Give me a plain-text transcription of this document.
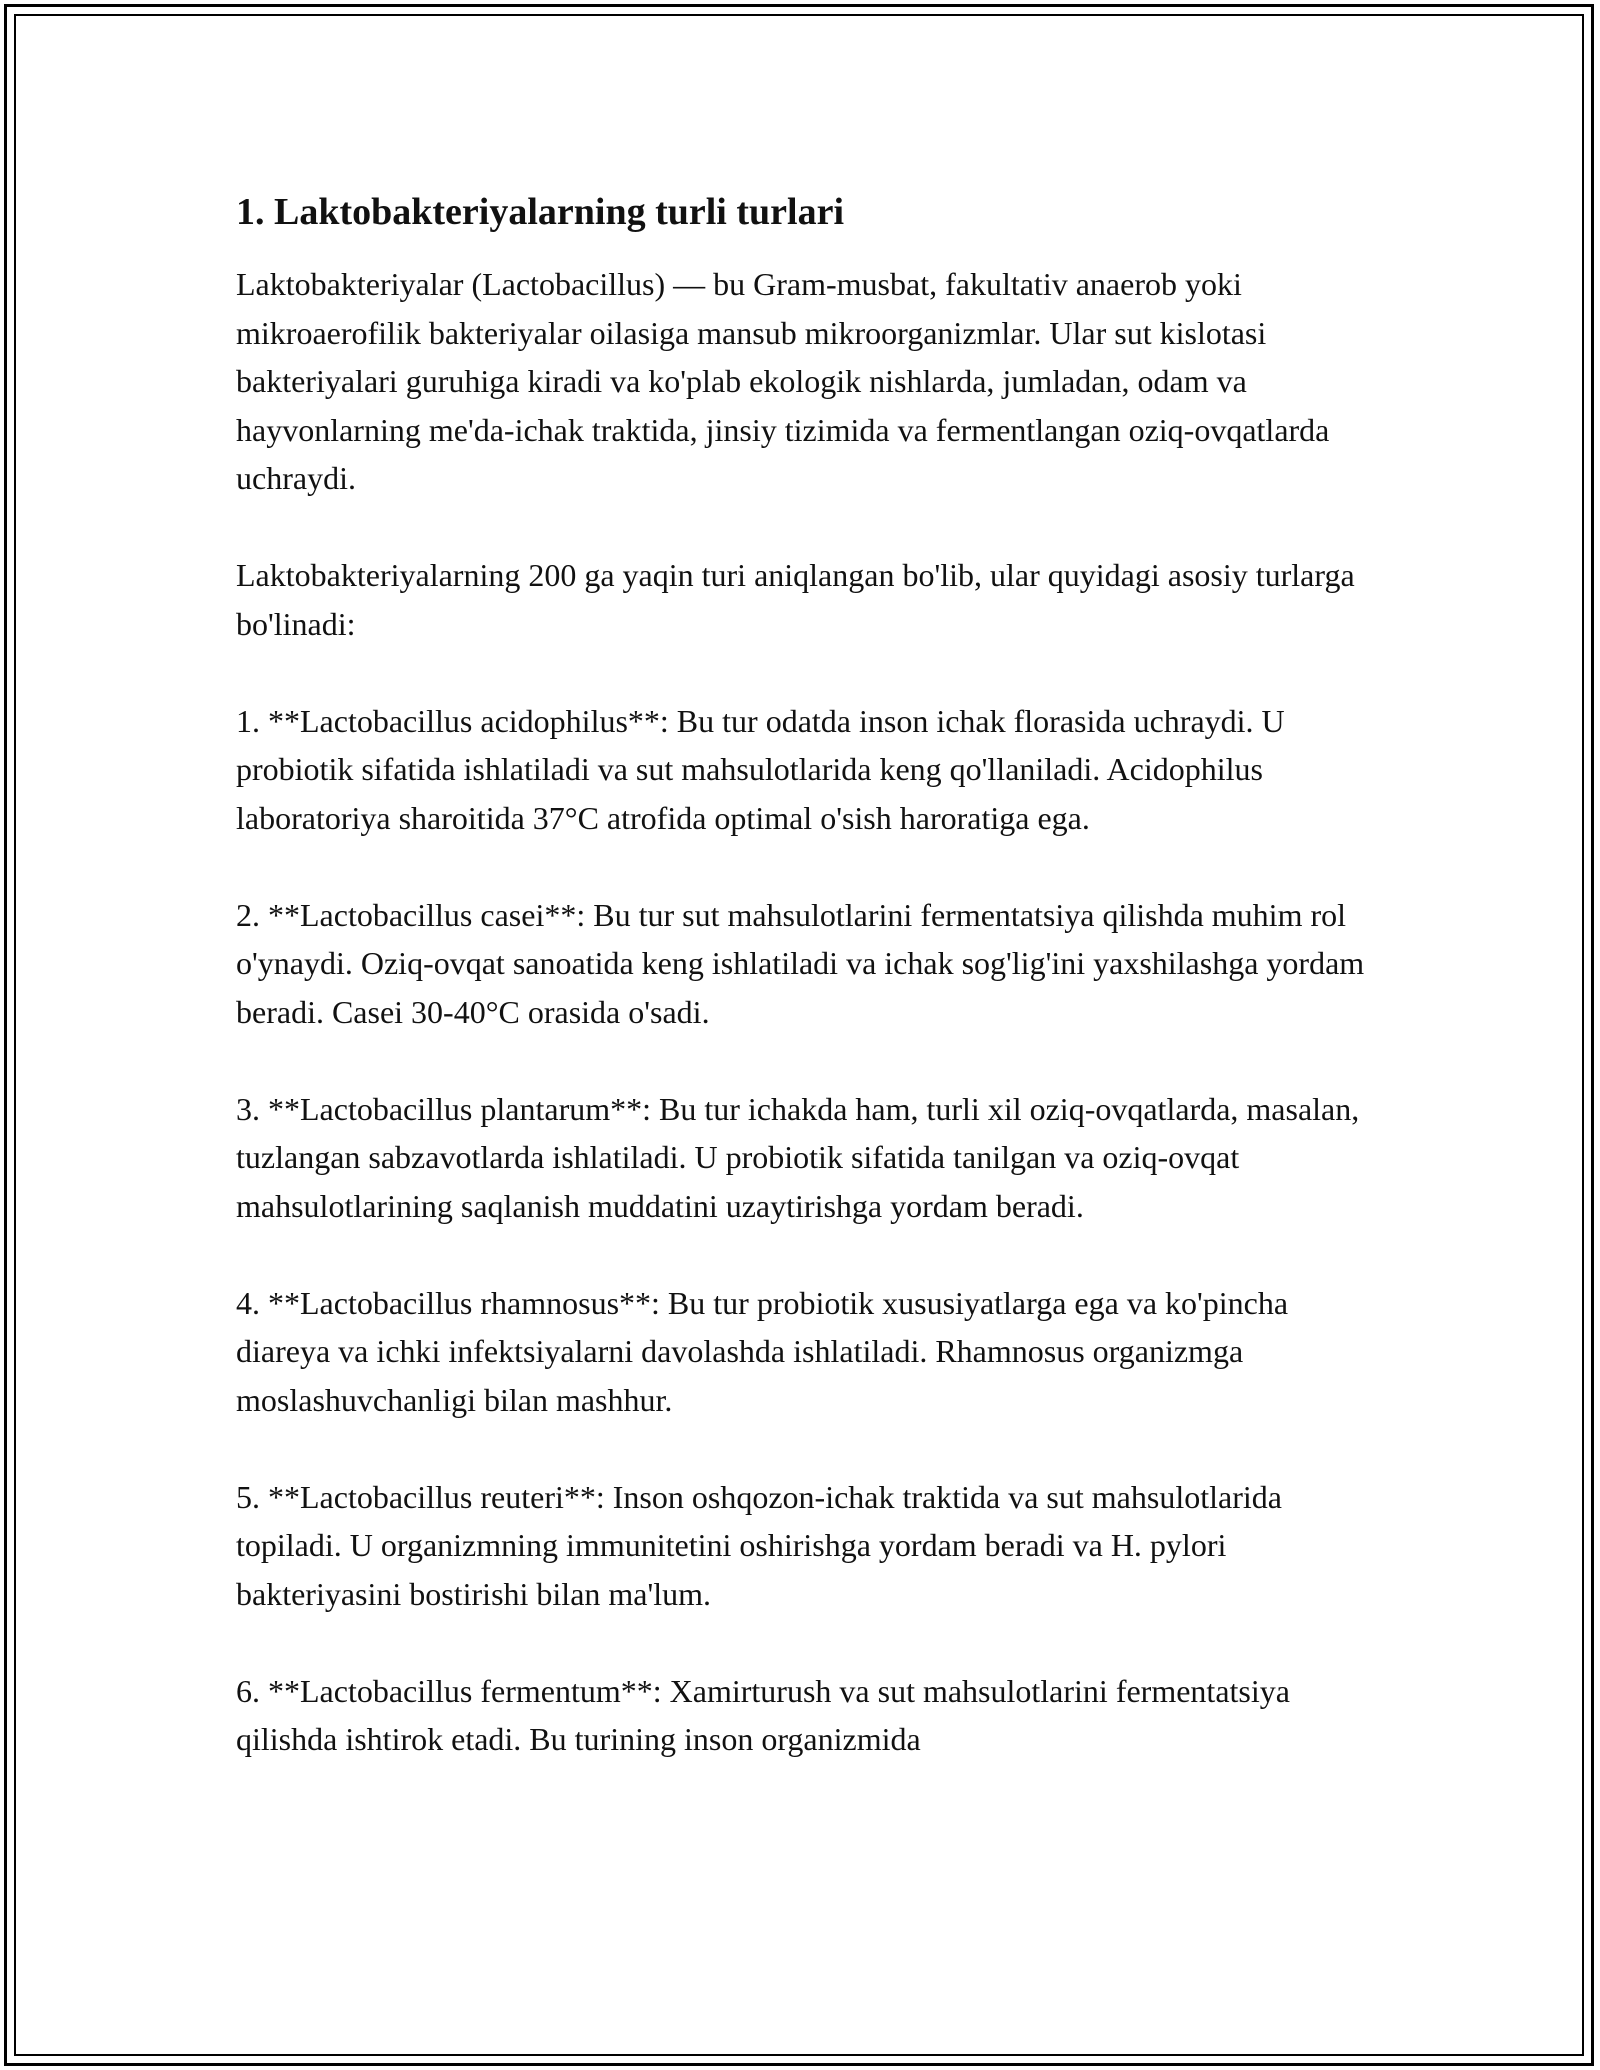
1. Laktobakteriyalarning turli turlari

Laktobakteriyalar (Lactobacillus) — bu Gram-musbat, fakultativ anaerob yoki mikroaerofilik bakteriyalar oilasiga mansub mikroorganizmlar. Ular sut kislotasi bakteriyalari guruhiga kiradi va ko'plab ekologik nishlarda, jumladan, odam va hayvonlarning me'da-ichak traktida, jinsiy tizimida va fermentlangan oziq-ovqatlarda uchraydi.

Laktobakteriyalarning 200 ga yaqin turi aniqlangan bo'lib, ular quyidagi asosiy turlarga bo'linadi:

1. **Lactobacillus acidophilus**: Bu tur odatda inson ichak florasida uchraydi. U probiotik sifatida ishlatiladi va sut mahsulotlarida keng qo'llaniladi. Acidophilus laboratoriya sharoitida 37°C atrofida optimal o'sish haroratiga ega.

2. **Lactobacillus casei**: Bu tur sut mahsulotlarini fermentatsiya qilishda muhim rol o'ynaydi. Oziq-ovqat sanoatida keng ishlatiladi va ichak sog'lig'ini yaxshilashga yordam beradi. Casei 30-40°C orasida o'sadi.

3. **Lactobacillus plantarum**: Bu tur ichakda ham, turli xil oziq-ovqatlarda, masalan, tuzlangan sabzavotlarda ishlatiladi. U probiotik sifatida tanilgan va oziq-ovqat mahsulotlarining saqlanish muddatini uzaytirishga yordam beradi.

4. **Lactobacillus rhamnosus**: Bu tur probiotik xususiyatlarga ega va ko'pincha diareya va ichki infektsiyalarni davolashda ishlatiladi. Rhamnosus organizmga moslashuvchanligi bilan mashhur.

5. **Lactobacillus reuteri**: Inson oshqozon-ichak traktida va sut mahsulotlarida topiladi. U organizmning immunitetini oshirishga yordam beradi va H. pylori bakteriyasini bostirishi bilan ma'lum.

6. **Lactobacillus fermentum**: Xamirturush va sut mahsulotlarini fermentatsiya qilishda ishtirok etadi. Bu turining inson organizmida
